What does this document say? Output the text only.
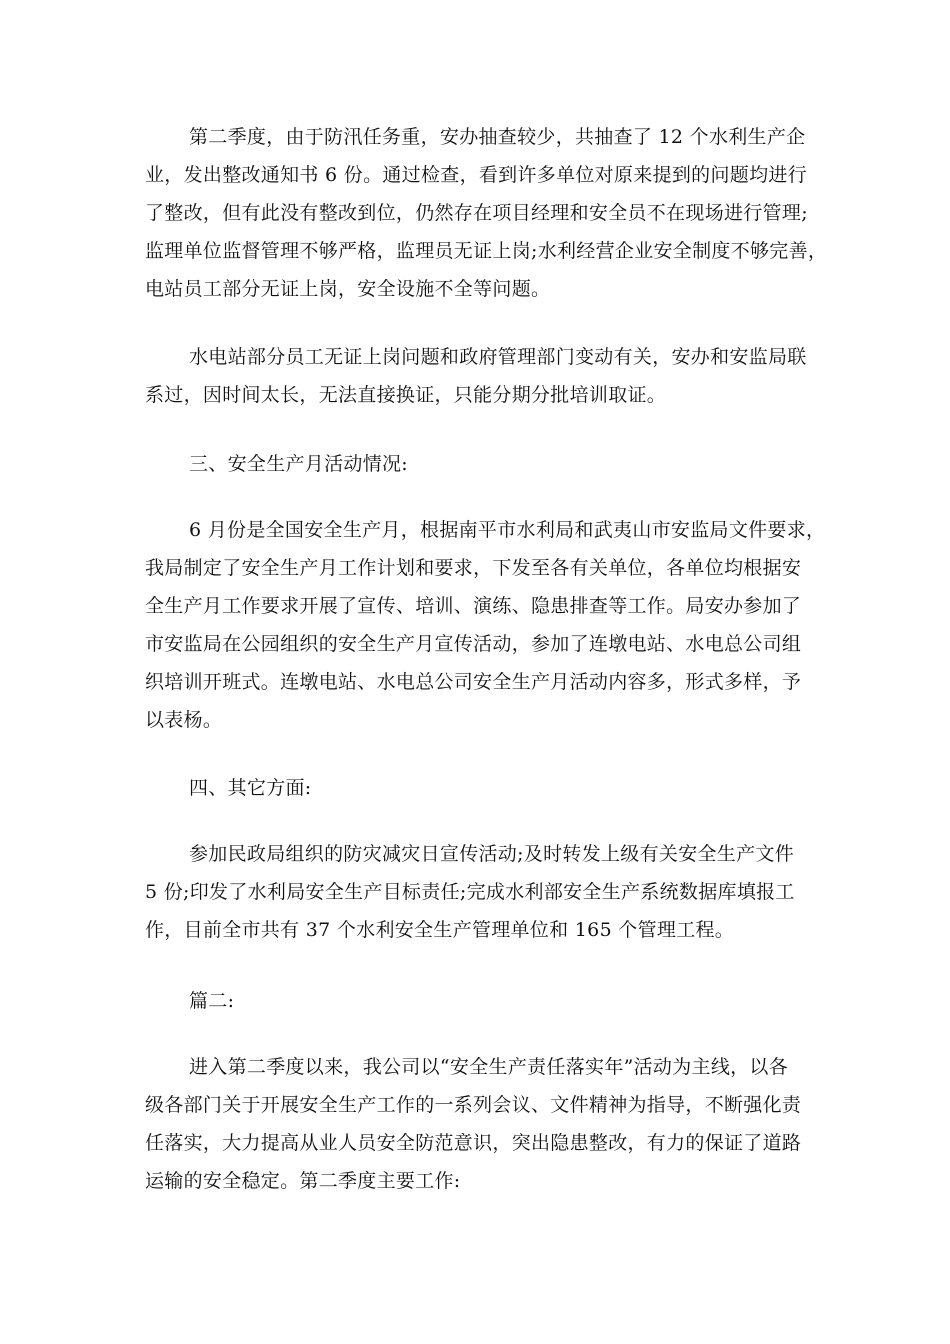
第二季度，由于防汛任务重，安办抽查较少，共抽查了 12 个水利生产企
业，发出整改通知书 6 份。通过检查，看到许多单位对原来提到的问题均进行
了整改，但有此没有整改到位，仍然存在项目经理和安全员不在现场进行管理;
监理单位监督管理不够严格，监理员无证上岗;水利经营企业安全制度不够完善，
电站员工部分无证上岗，安全设施不全等问题。

水电站部分员工无证上岗问题和政府管理部门变动有关，安办和安监局联
系过，因时间太长，无法直接换证，只能分期分批培训取证。

三、安全生产月活动情况:

6 月份是全国安全生产月，根据南平市水利局和武夷山市安监局文件要求，
我局制定了安全生产月工作计划和要求，下发至各有关单位，各单位均根据安
全生产月工作要求开展了宣传、培训、演练、隐患排查等工作。局安办参加了
市安监局在公园组织的安全生产月宣传活动，参加了连墩电站、水电总公司组
织培训开班式。连墩电站、水电总公司安全生产月活动内容多，形式多样，予
以表杨。

四、其它方面:

参加民政局组织的防灾减灾日宣传活动;及时转发上级有关安全生产文件
5 份;印发了水利局安全生产目标责任;完成水利部安全生产系统数据库填报工
作，目前全市共有 37 个水利安全生产管理单位和 165 个管理工程。

篇二:

进入第二季度以来，我公司以“安全生产责任落实年”活动为主线，以各
级各部门关于开展安全生产工作的一系列会议、文件精神为指导，不断强化责
任落实，大力提高从业人员安全防范意识，突出隐患整改，有力的保证了道路
运输的安全稳定。第二季度主要工作:
